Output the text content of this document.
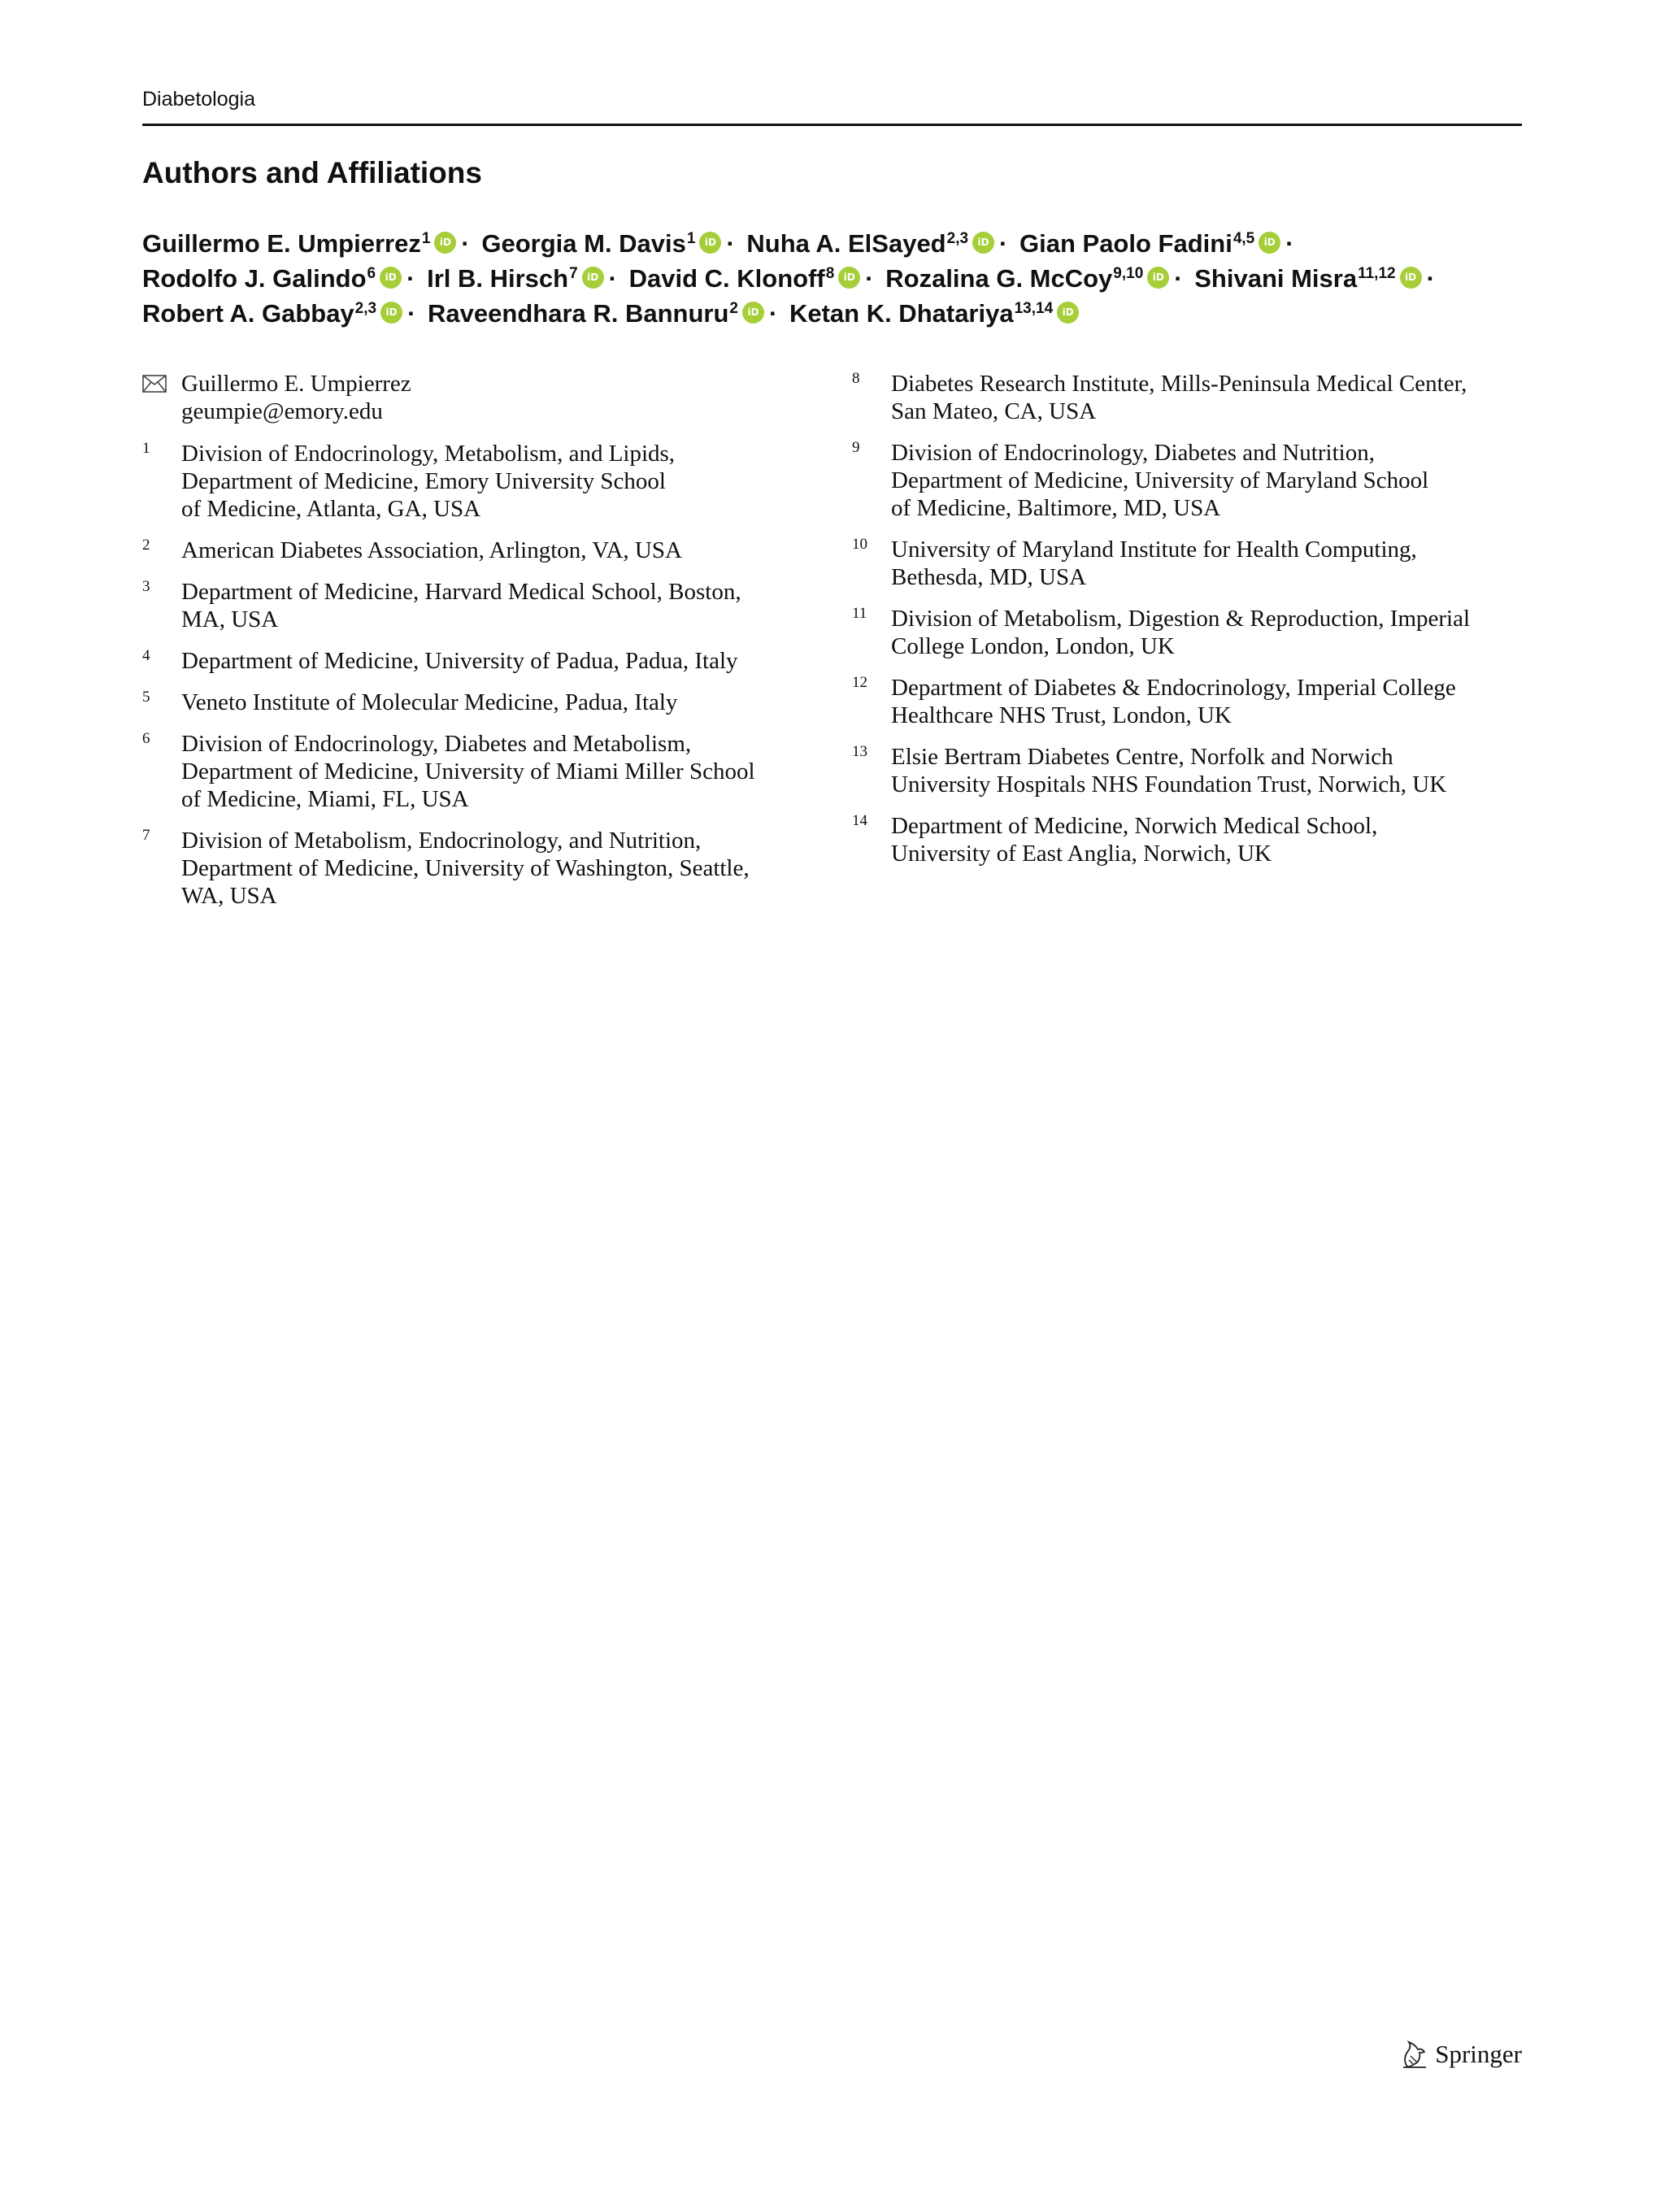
Diabetologia
Authors and Affiliations
Guillermo E. Umpierrez$^1$ iD · Georgia M. Davis$^1$ iD · Nuha A. ElSayed$^{2,3}$ iD · Gian Paolo Fadini$^{4,5}$ iD ·
Rodolfo J. Galindo$^6$ iD · Irl B. Hirsch$^7$ iD · David C. Klonoff$^8$ iD · Rozalina G. McCoy$^{9,10}$ iD · Shivani Misra$^{11,12}$ iD ·
Robert A. Gabbay$^{2,3}$ iD · Raveendhara R. Bannuru$^2$ iD · Ketan K. Dhatariya$^{13,14}$ iD
Guillermo E. Umpierrez
geumpie@emory.edu
1 Division of Endocrinology, Metabolism, and Lipids,
Department of Medicine, Emory University School
of Medicine, Atlanta, GA, USA
2 American Diabetes Association, Arlington, VA, USA
3 Department of Medicine, Harvard Medical School, Boston,
MA, USA
4 Department of Medicine, University of Padua, Padua, Italy
5 Veneto Institute of Molecular Medicine, Padua, Italy
6 Division of Endocrinology, Diabetes and Metabolism,
Department of Medicine, University of Miami Miller School
of Medicine, Miami, FL, USA
7 Division of Metabolism, Endocrinology, and Nutrition,
Department of Medicine, University of Washington, Seattle,
WA, USA
8 Diabetes Research Institute, Mills-Peninsula Medical Center,
San Mateo, CA, USA
9 Division of Endocrinology, Diabetes and Nutrition,
Department of Medicine, University of Maryland School
of Medicine, Baltimore, MD, USA
10 University of Maryland Institute for Health Computing,
Bethesda, MD, USA
11 Division of Metabolism, Digestion & Reproduction, Imperial
College London, London, UK
12 Department of Diabetes & Endocrinology, Imperial College
Healthcare NHS Trust, London, UK
13 Elsie Bertram Diabetes Centre, Norfolk and Norwich
University Hospitals NHS Foundation Trust, Norwich, UK
14 Department of Medicine, Norwich Medical School,
University of East Anglia, Norwich, UK
Springer
